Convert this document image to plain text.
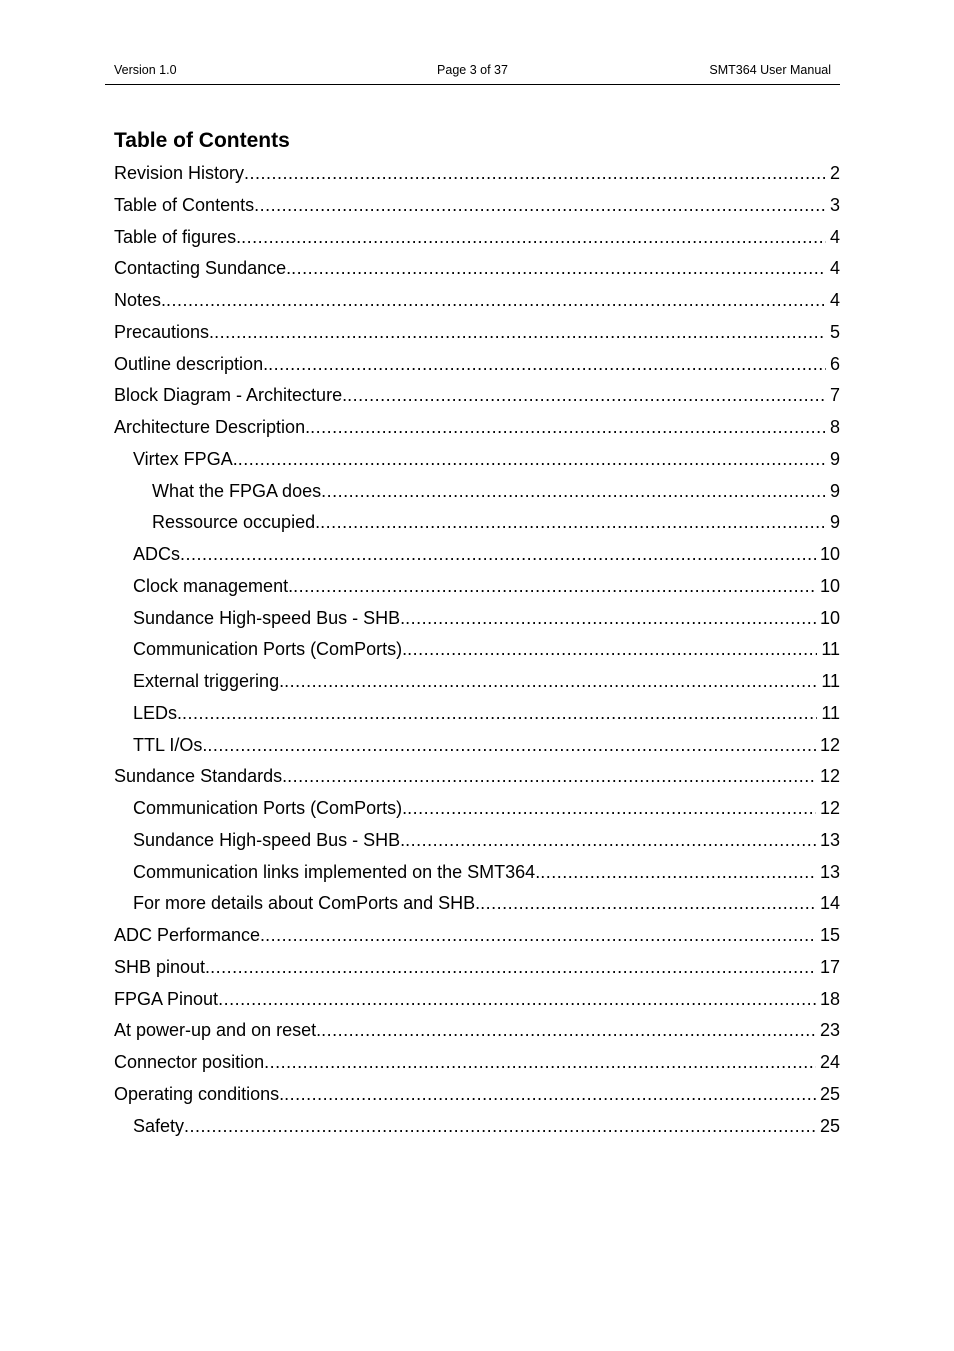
Version 1.0	Page 3 of 37	SMT364 User Manual
Table of Contents
Revision History .....	2
Table of Contents .....	3
Table of figures. .....	4
Contacting Sundance. .....	4
Notes. .....	4
Precautions. .....	5
Outline description. .....	6
Block Diagram - Architecture. .....	7
Architecture Description. .....	8
Virtex FPGA. .....	9
What the FPGA does .....	9
Ressource occupied. .....	9
ADCs .....	10
Clock management. .....	10
Sundance High-speed Bus - SHB. .....	10
Communication Ports (ComPorts). .....	11
External triggering. .....	11
LEDs. .....	11
TTL I/Os. .....	12
Sundance Standards. .....	12
Communication Ports (ComPorts). .....	12
Sundance High-speed Bus - SHB. .....	13
Communication links implemented on the SMT364. .....	13
For more details about ComPorts and SHB. .....	14
ADC Performance. .....	15
SHB pinout. .....	17
FPGA Pinout .....	18
At power-up and on reset. .....	23
Connector position .....	24
Operating conditions. .....	25
Safety .....	25
